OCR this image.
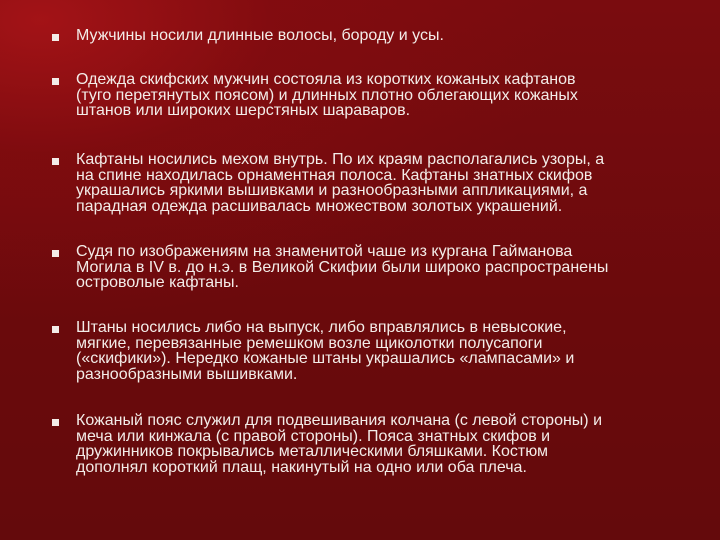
Мужчины носили длинные волосы, бороду и усы.
Одежда скифских мужчин состояла из коротких кожаных кафтанов
(туго перетянутых поясом) и длинных плотно облегающих кожаных
штанов или широких шерстяных шараваров.
Кафтаны носились мехом внутрь. По их краям располагались узоры, а
на спине находилась орнаментная полоса. Кафтаны знатных скифов
украшались яркими вышивками и разнообразными аппликациями, а
парадная одежда расшивалась множеством золотых украшений.
Судя по изображениям на знаменитой чаше из кургана Гайманова
Могила в IV в. до н.э. в Великой Скифии были широко распространены
островолые кафтаны.
Штаны носились либо на выпуск, либо вправлялись в невысокие,
мягкие, перевязанные ремешком возле щиколотки полусапоги
(«скифики»). Нередко кожаные штаны украшались «лампасами» и
разнообразными вышивками.
Кожаный пояс служил для подвешивания колчана (с левой стороны) и
меча или кинжала (с правой стороны). Пояса знатных скифов и
дружинников покрывались металлическими бляшками. Костюм
дополнял короткий плащ, накинутый на одно или оба плеча.
